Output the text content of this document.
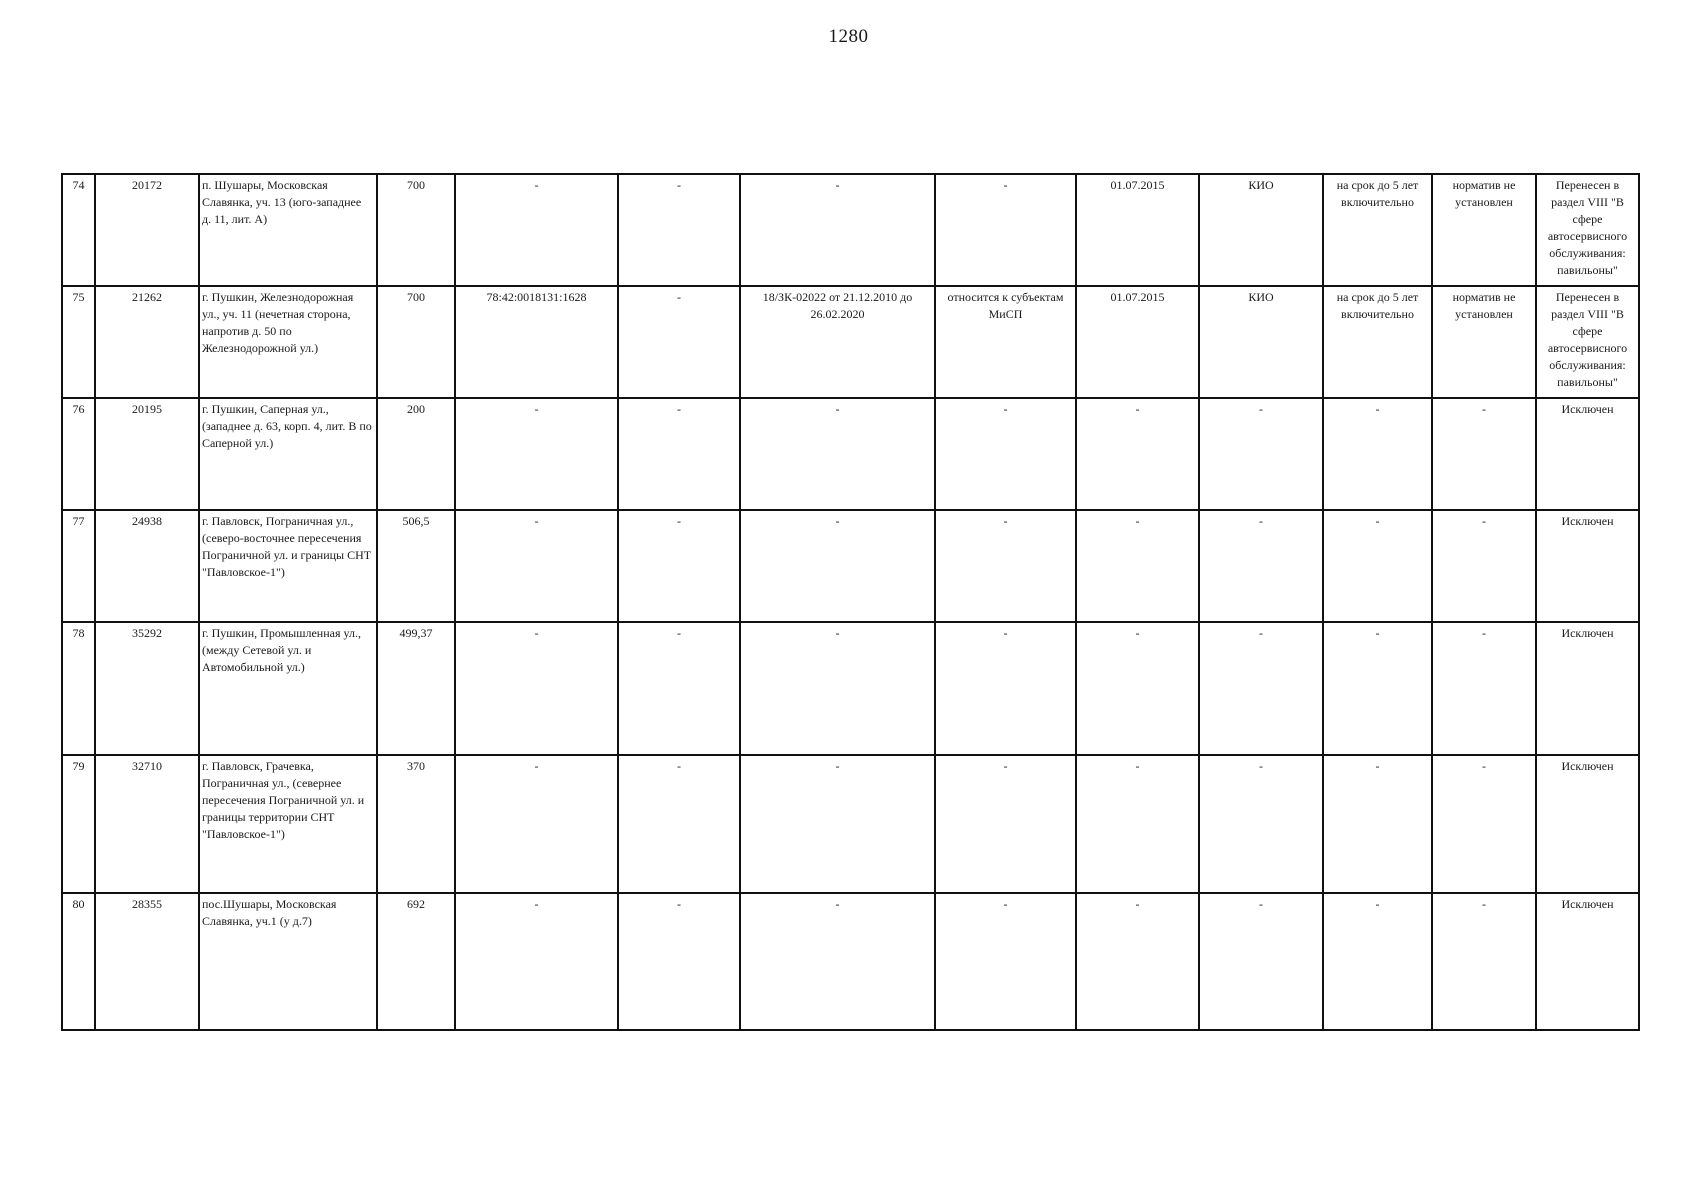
1280
74	20172	п. Шушары, Московская Славянка, уч. 13 (юго-западнее д. 11, лит. А)	700	-	-	-	-	01.07.2015	КИО	на срок до 5 лет включительно	норматив не установлен	Перенесен в раздел VIII "В сфере автосервисного обслуживания: павильоны"
75	21262	г. Пушкин, Железнодорожная ул., уч. 11 (нечетная сторона, напротив д. 50 по Железнодорожной ул.)	700	78:42:0018131:1628	-	18/ЗК-02022 от 21.12.2010 до 26.02.2020	относится к субъектам МиСП	01.07.2015	КИО	на срок до 5 лет включительно	норматив не установлен	Перенесен в раздел VIII "В сфере автосервисного обслуживания: павильоны"
76	20195	г. Пушкин, Саперная ул., (западнее д. 63, корп. 4, лит. В по Саперной ул.)	200	-	-	-	-	-	-	-	-	Исключен
77	24938	г. Павловск, Пограничная ул., (северо-восточнее пересечения Пограничной ул. и границы СНТ "Павловское-1")	506,5	-	-	-	-	-	-	-	-	Исключен
78	35292	г. Пушкин, Промышленная ул., (между Сетевой ул. и Автомобильной ул.)	499,37	-	-	-	-	-	-	-	-	Исключен
79	32710	г. Павловск, Грачевка, Пограничная ул., (севернее пересечения Пограничной ул. и границы территории СНТ "Павловское-1")	370	-	-	-	-	-	-	-	-	Исключен
80	28355	пос.Шушары, Московская Славянка, уч.1 (у д.7)	692	-	-	-	-	-	-	-	-	Исключен
